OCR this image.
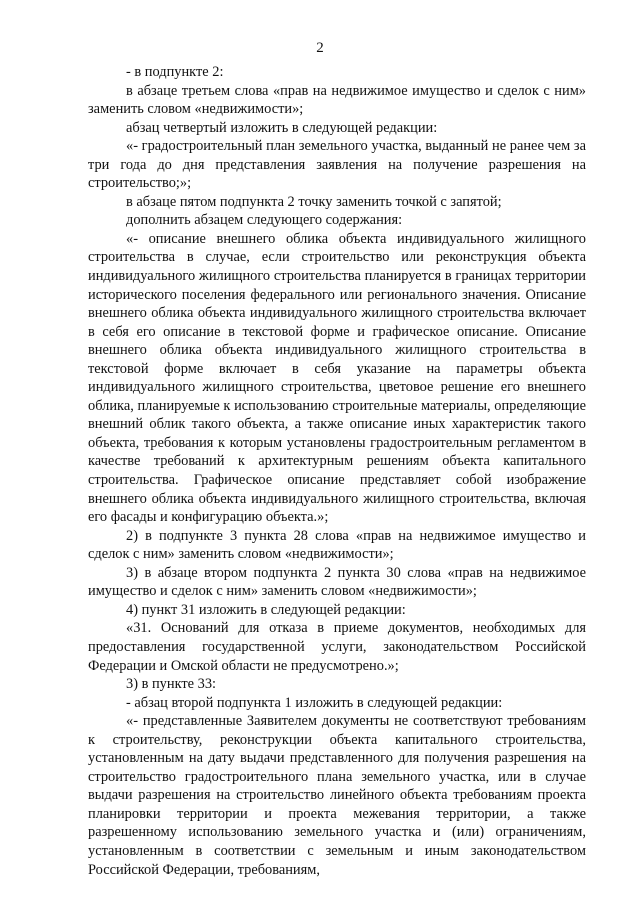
2

- в подпункте 2:

в абзаце третьем слова «прав на недвижимое имущество и сделок с ним» заменить словом «недвижимости»;

абзац четвертый изложить в следующей редакции:

«- градостроительный план земельного участка, выданный не ранее чем за три года до дня представления заявления на получение разрешения на строительство;»;

в абзаце пятом подпункта 2 точку заменить точкой с запятой;

дополнить абзацем следующего содержания:

«- описание внешнего облика объекта индивидуального жилищного строительства в случае, если строительство или реконструкция объекта индивидуального жилищного строительства планируется в границах территории исторического поселения федерального или регионального значения. Описание внешнего облика объекта индивидуального жилищного строительства включает в себя его описание в текстовой форме и графическое описание. Описание внешнего облика объекта индивидуального жилищного строительства в текстовой форме включает в себя указание на параметры объекта индивидуального жилищного строительства, цветовое решение его внешнего облика, планируемые к использованию строительные материалы, определяющие внешний облик такого объекта, а также описание иных характеристик такого объекта, требования к которым установлены градостроительным регламентом в качестве требований к архитектурным решениям объекта капитального строительства. Графическое описание представляет собой изображение внешнего облика объекта индивидуального жилищного строительства, включая его фасады и конфигурацию объекта.»;

2) в подпункте 3 пункта 28 слова «прав на недвижимое имущество и сделок с ним» заменить словом «недвижимости»;

3) в абзаце втором подпункта 2 пункта 30 слова «прав на недвижимое имущество и сделок с ним» заменить словом «недвижимости»;

4) пункт 31 изложить в следующей редакции:

«31. Оснований для отказа в приеме документов, необходимых для предоставления государственной услуги, законодательством Российской Федерации и Омской области не предусмотрено.»;

3) в пункте 33:

- абзац второй подпункта 1 изложить в следующей редакции:

«- представленные Заявителем документы не соответствуют требованиям к строительству, реконструкции объекта капитального строительства, установленным на дату выдачи представленного для получения разрешения на строительство градостроительного плана земельного участка, или в случае выдачи разрешения на строительство линейного объекта требованиям проекта планировки территории и проекта межевания территории, а также разрешенному использованию земельного участка и (или) ограничениям, установленным в соответствии с земельным и иным законодательством Российской Федерации, требованиям,
